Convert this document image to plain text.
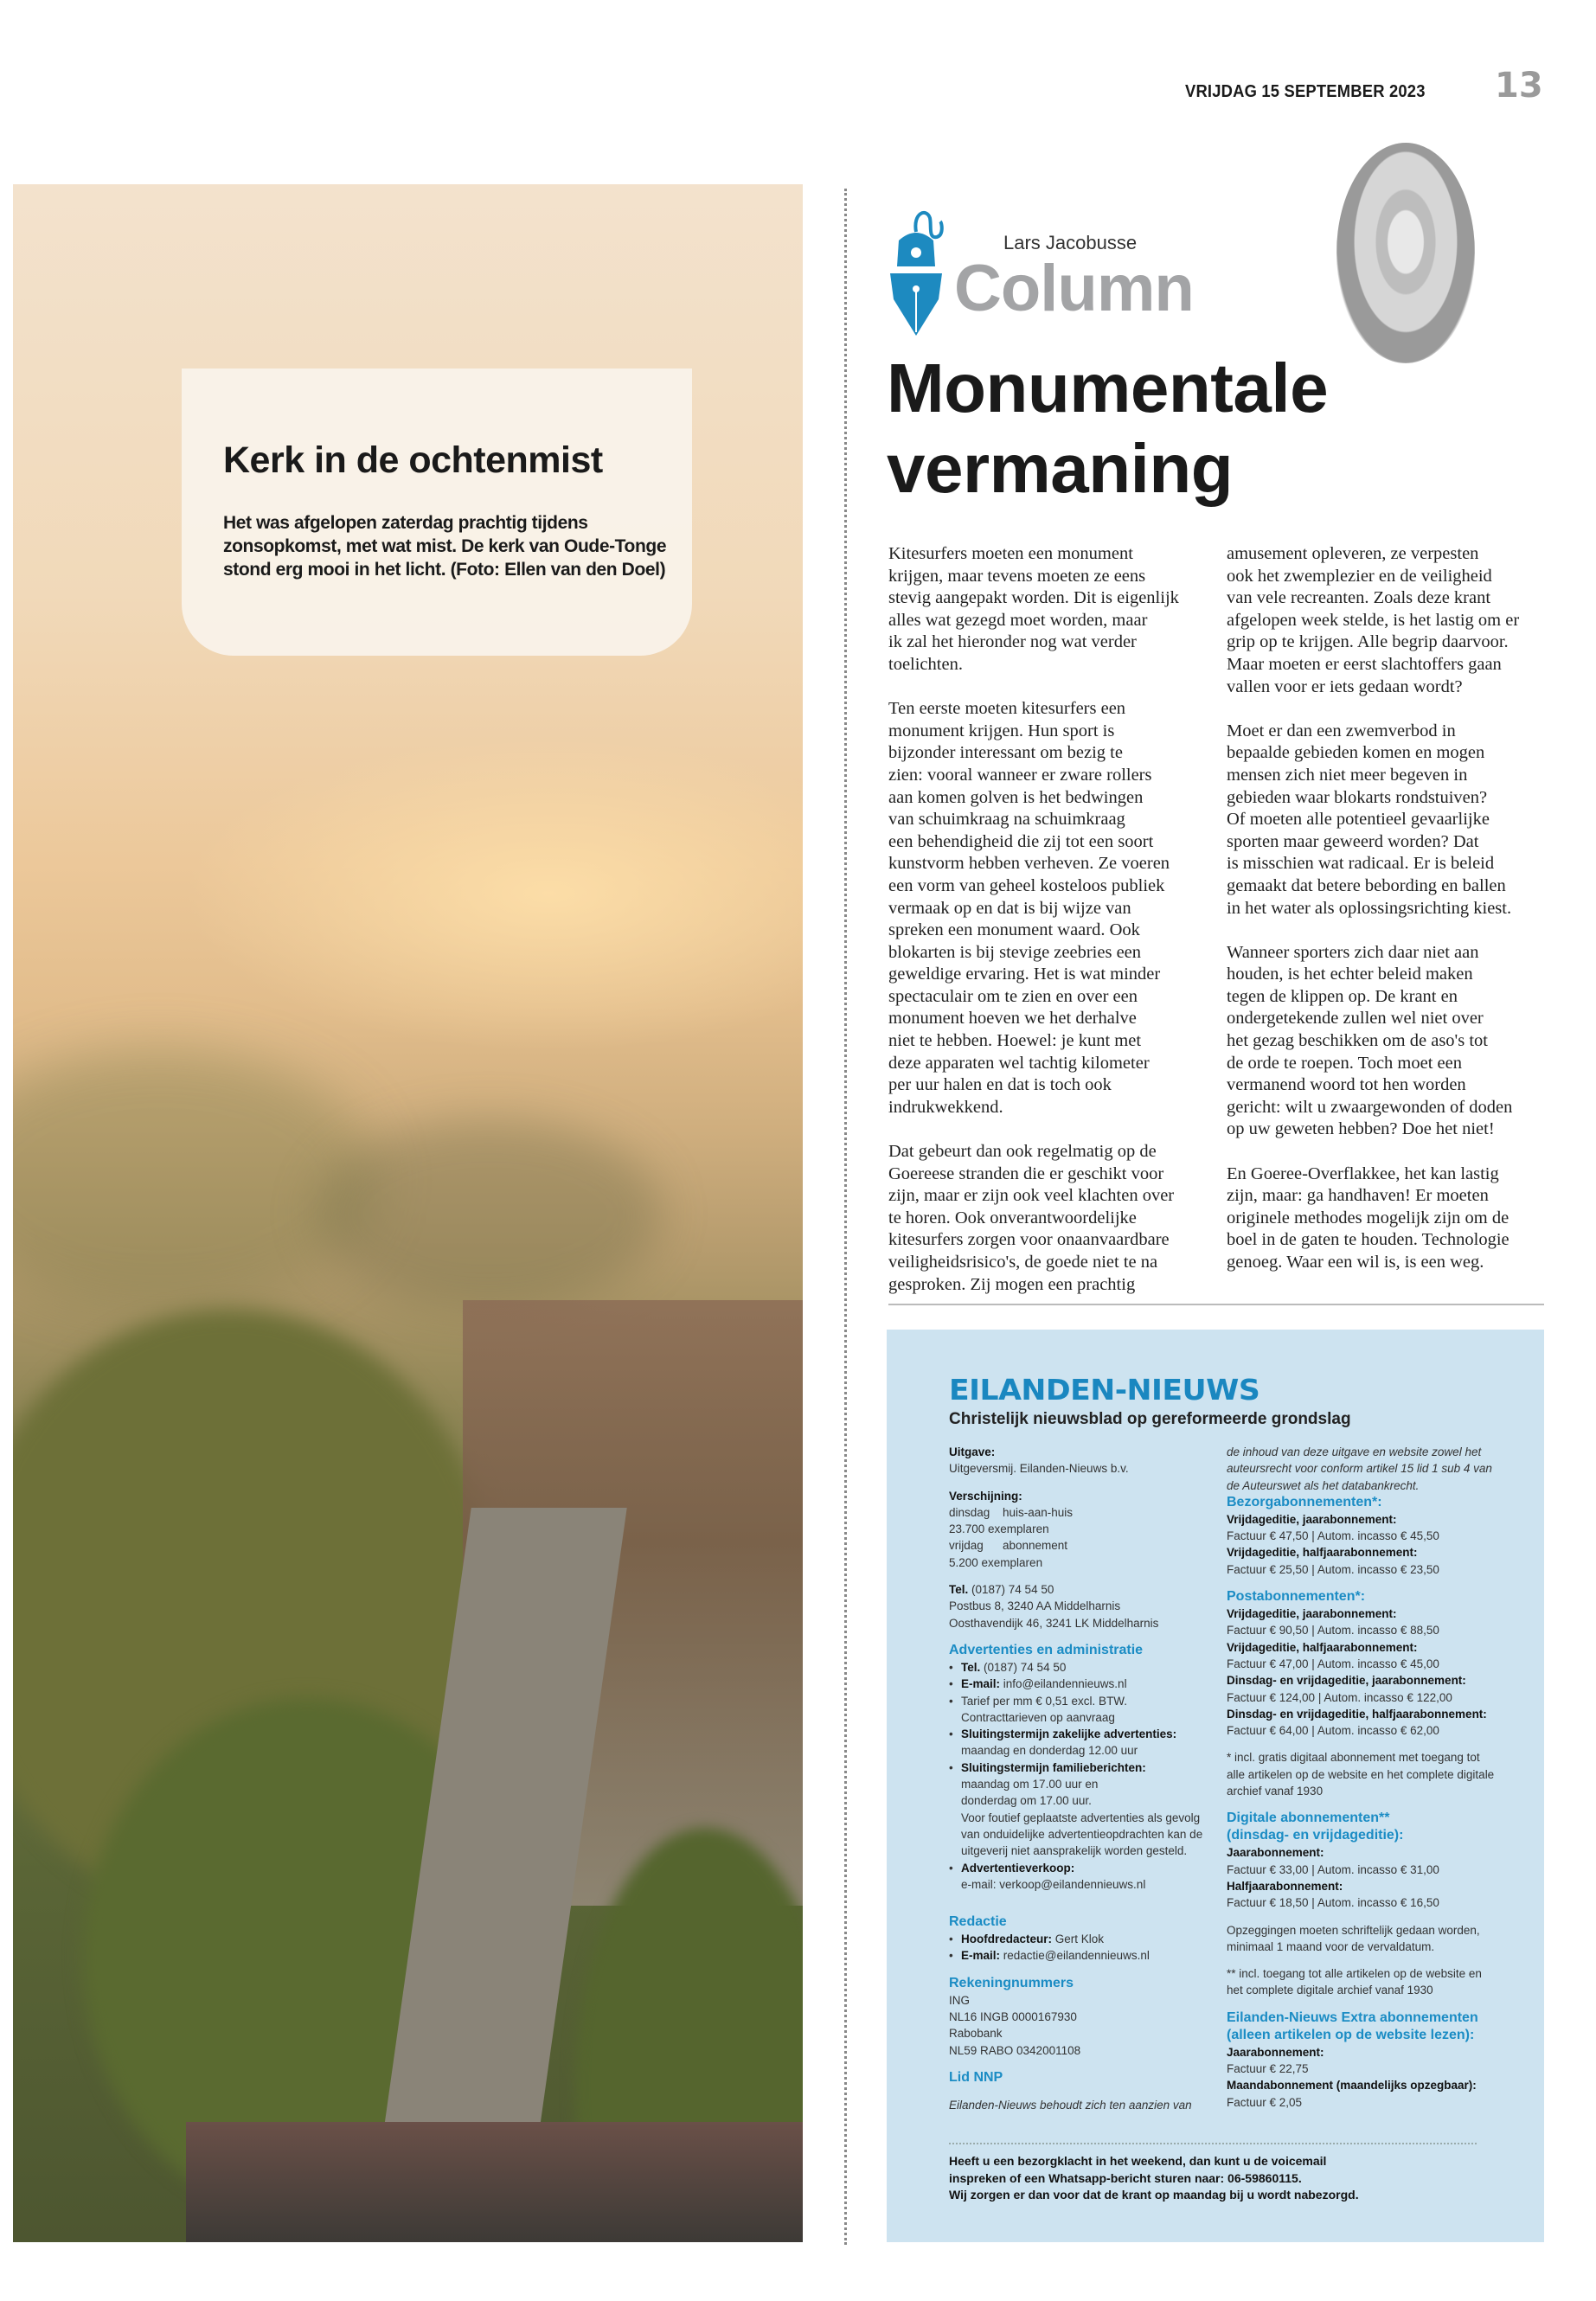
VRIJDAG 15 SEPTEMBER 2023 13
Kerk in de ochtenmist
Het was afgelopen zaterdag prachtig tijdens zonsopkomst, met wat mist. De kerk van Oude-Tonge stond erg mooi in het licht. (Foto: Ellen van den Doel)
Lars Jacobusse
Column
Monumentale
vermaning

Kitesurfers moeten een monument
krijgen, maar tevens moeten ze eens
stevig aangepakt worden. Dit is eigenlijk
alles wat gezegd moet worden, maar
ik zal het hieronder nog wat verder
toelichten.

Ten eerste moeten kitesurfers een
monument krijgen. Hun sport is
bijzonder interessant om bezig te
zien: vooral wanneer er zware rollers
aan komen golven is het bedwingen
van schuimkraag na schuimkraag
een behendigheid die zij tot een soort
kunstvorm hebben verheven. Ze voeren
een vorm van geheel kosteloos publiek
vermaak op en dat is bij wijze van
spreken een monument waard. Ook
blokarten is bij stevige zeebries een
geweldige ervaring. Het is wat minder
spectaculair om te zien en over een
monument hoeven we het derhalve
niet te hebben. Hoewel: je kunt met
deze apparaten wel tachtig kilometer
per uur halen en dat is toch ook
indrukwekkend.

Dat gebeurt dan ook regelmatig op de
Goereese stranden die er geschikt voor
zijn, maar er zijn ook veel klachten over
te horen. Ook onverantwoordelijke
kitesurfers zorgen voor onaanvaardbare
veiligheidsrisico's, de goede niet te na
gesproken. Zij mogen een prachtig

amusement opleveren, ze verpesten
ook het zwemplezier en de veiligheid
van vele recreanten. Zoals deze krant
afgelopen week stelde, is het lastig om er
grip op te krijgen. Alle begrip daarvoor.
Maar moeten er eerst slachtoffers gaan
vallen voor er iets gedaan wordt?

Moet er dan een zwemverbod in
bepaalde gebieden komen en mogen
mensen zich niet meer begeven in
gebieden waar blokarts rondstuiven?
Of moeten alle potentieel gevaarlijke
sporten maar geweerd worden? Dat
is misschien wat radicaal. Er is beleid
gemaakt dat betere bebording en ballen
in het water als oplossingsrichting kiest.

Wanneer sporters zich daar niet aan
houden, is het echter beleid maken
tegen de klippen op. De krant en
ondergetekende zullen wel niet over
het gezag beschikken om de aso's tot
de orde te roepen. Toch moet een
vermanend woord tot hen worden
gericht: wilt u zwaargewonden of doden
op uw geweten hebben? Doe het niet!

En Goeree-Overflakkee, het kan lastig
zijn, maar: ga handhaven! Er moeten
originele methodes mogelijk zijn om de
boel in de gaten te houden. Technologie
genoeg. Waar een wil is, is een weg.

EILANDEN-NIEUWS
Christelijk nieuwsblad op gereformeerde grondslag
Uitgave:
Uitgeversmij. Eilanden-Nieuws b.v.
Verschijning:
dinsdag huis-aan-huis23.700 exemplaren
vrijdag abonnement5.200 exemplaren
Tel. (0187) 74 54 50
Postbus 8, 3240 AA Middelharnis
Oosthavendijk 46, 3241 LK Middelharnis
Advertenties en administratie
• Tel. (0187) 74 54 50
• E-mail: info@eilandennieuws.nl
• Tarief per mm € 0,51 excl. BTW.
Contracttarieven op aanvraag
• Sluitingstermijn zakelijke advertenties:
maandag en donderdag 12.00 uur
• Sluitingstermijn familieberichten:
maandag om 17.00 uur en
donderdag om 17.00 uur.
Voor foutief geplaatste advertenties als gevolg
van onduidelijke advertentieopdrachten kan de
uitgeverij niet aansprakelijk worden gesteld.
• Advertentieverkoop:
e-mail: verkoop@eilandennieuws.nl
Redactie
• Hoofdredacteur: Gert Klok
• E-mail: redactie@eilandennieuws.nl
Rekeningnummers
ING
NL16 INGB 0000167930
Rabobank
NL59 RABO 0342001108
Lid NNP
Eilanden-Nieuws behoudt zich ten aanzien van
de inhoud van deze uitgave en website zowel het
auteursrecht voor conform artikel 15 lid 1 sub 4 van
de Auteurswet als het databankrecht.
Bezorgabonnementen*:
Vrijdageditie, jaarabonnement:
Factuur € 47,50 | Autom. incasso € 45,50
Vrijdageditie, halfjaarabonnement:
Factuur € 25,50 | Autom. incasso € 23,50
Postabonnementen*:
Vrijdageditie, jaarabonnement:
Factuur € 90,50 | Autom. incasso € 88,50
Vrijdageditie, halfjaarabonnement:
Factuur € 47,00 | Autom. incasso € 45,00
Dinsdag- en vrijdageditie, jaarabonnement:
Factuur € 124,00 | Autom. incasso € 122,00
Dinsdag- en vrijdageditie, halfjaarabonnement:
Factuur € 64,00 | Autom. incasso € 62,00
* incl. gratis digitaal abonnement met toegang tot
alle artikelen op de website en het complete digitale
archief vanaf 1930
Digitale abonnementen**
(dinsdag- en vrijdageditie):
Jaarabonnement:
Factuur € 33,00 | Autom. incasso € 31,00
Halfjaarabonnement:
Factuur € 18,50 | Autom. incasso € 16,50
Opzeggingen moeten schriftelijk gedaan worden,
minimaal 1 maand voor de vervaldatum.
** incl. toegang tot alle artikelen op de website en
het complete digitale archief vanaf 1930
Eilanden-Nieuws Extra abonnementen
(alleen artikelen op de website lezen):
Jaarabonnement:
Factuur € 22,75
Maandabonnement (maandelijks opzegbaar):
Factuur € 2,05
Heeft u een bezorgklacht in het weekend, dan kunt u de voicemail
inspreken of een Whatsapp-bericht sturen naar: 06-59860115.
Wij zorgen er dan voor dat de krant op maandag bij u wordt nabezorgd.
